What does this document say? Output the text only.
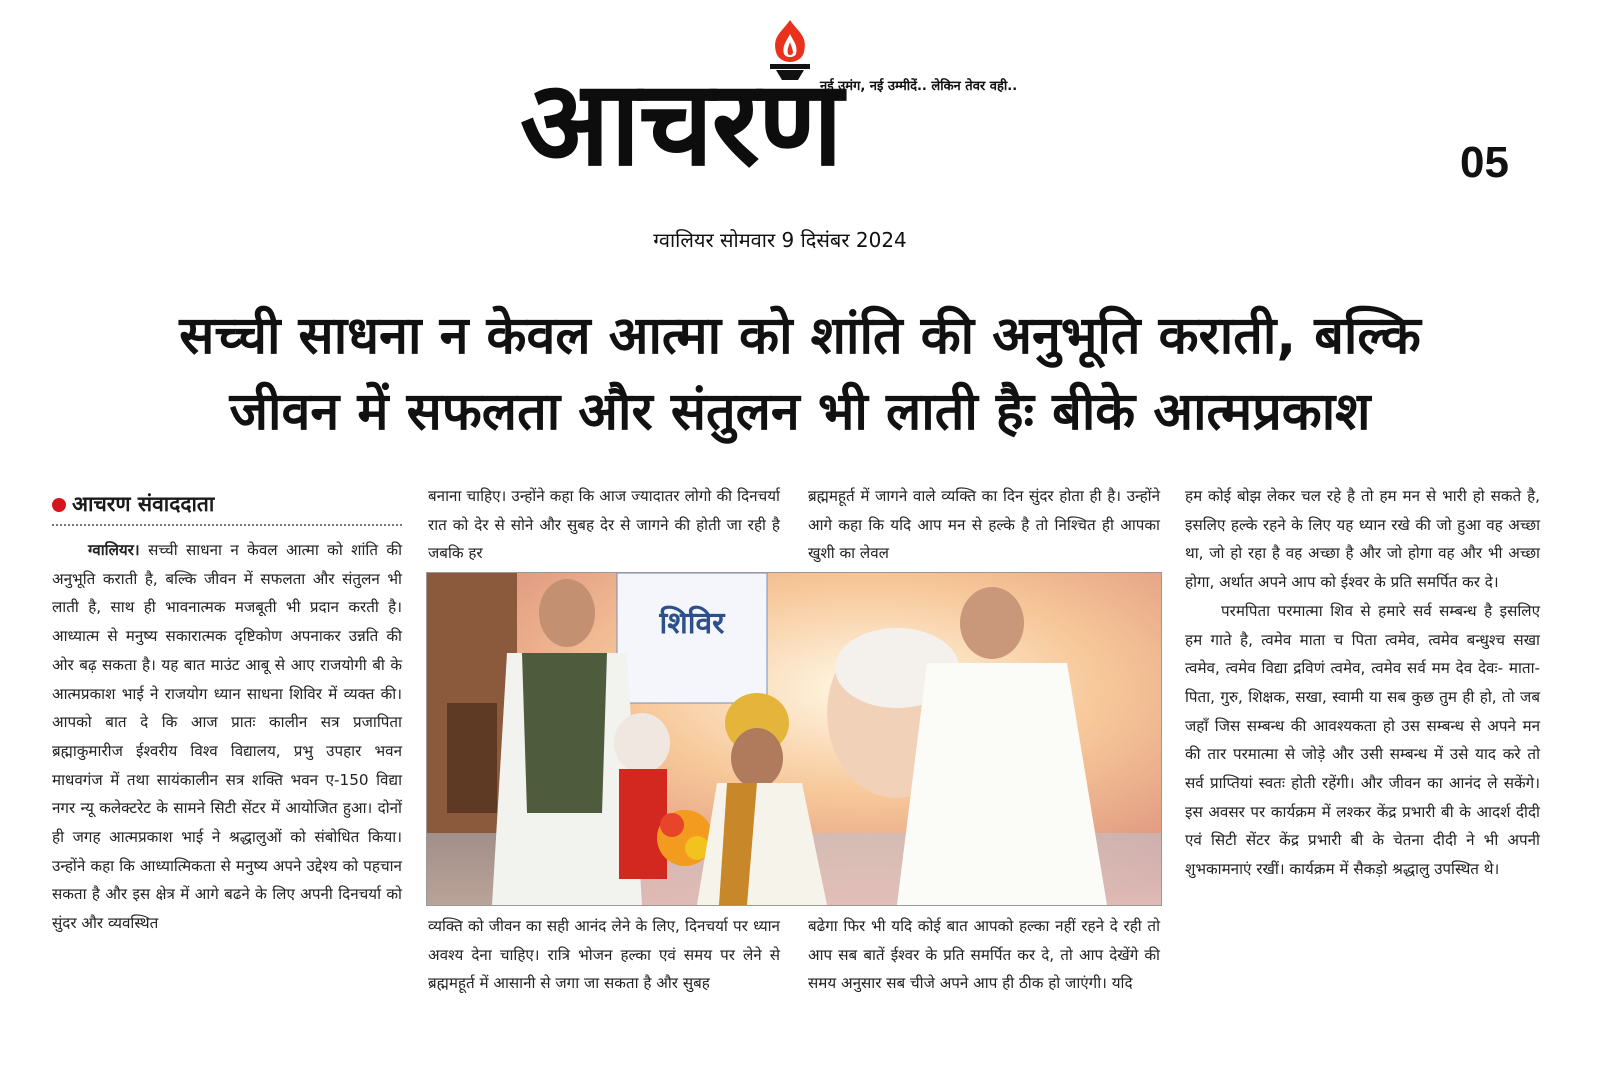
आचरण
नई उमंग, नई उम्मीदें.. लेकिन तेवर वही..
05
ग्वालियर सोमवार 9 दिसंबर 2024
सच्ची साधना न केवल आत्मा को शांति की अनुभूति कराती, बल्कि
जीवन में सफलता और संतुलन भी लाती हैः बीके आत्मप्रकाश
आचरण संवाददाता

ग्वालियर। सच्ची साधना न केवल आत्मा को शांति की अनुभूति कराती है, बल्कि जीवन में सफलता और संतुलन भी लाती है, साथ ही भावनात्मक मजबूती भी प्रदान करती है। आध्यात्म से मनुष्य सकारात्मक दृष्टिकोण अपनाकर उन्नति की ओर बढ़ सकता है। यह बात माउंट आबू से आए राजयोगी बी के आत्मप्रकाश भाई ने राजयोग ध्यान साधना शिविर में व्यक्त की। आपको बात दे कि आज प्रातः कालीन सत्र प्रजापिता ब्रह्माकुमारीज ईश्वरीय विश्व विद्यालय, प्रभु उपहार भवन माधवगंज में तथा सायंकालीन सत्र शक्ति भवन ए-150 विद्या नगर न्यू कलेक्टरेट के सामने सिटी सेंटर में आयोजित हुआ। दोनों ही जगह आत्मप्रकाश भाई ने श्रद्धालुओं को संबोधित किया। उन्होंने कहा कि आध्यात्मिकता से मनुष्य अपने उद्देश्य को पहचान सकता है और इस क्षेत्र में आगे बढने के लिए अपनी दिनचर्या को सुंदर और व्यवस्थित

बनाना चाहिए। उन्होंने कहा कि आज ज्यादातर लोगो की दिनचर्या रात को देर से सोने और सुबह देर से जागने की होती जा रही है जबकि हर

ब्रह्ममहूर्त में जागने वाले व्यक्ति का दिन सुंदर होता ही है। उन्होंने आगे कहा कि यदि आप मन से हल्के है तो निश्चित ही आपका खुशी का लेवल

शिविर

व्यक्ति को जीवन का सही आनंद लेने के लिए, दिनचर्या पर ध्यान अवश्य देना चाहिए। रात्रि भोजन हल्का एवं समय पर लेने से ब्रह्ममहूर्त में आसानी से जगा जा सकता है और सुबह

बढेगा फिर भी यदि कोई बात आपको हल्का नहीं रहने दे रही तो आप सब बातें ईश्वर के प्रति समर्पित कर दे, तो आप देखेंगे की समय अनुसार सब चीजे अपने आप ही ठीक हो जाएंगी। यदि

हम कोई बोझ लेकर चल रहे है तो हम मन से भारी हो सकते है, इसलिए हल्के रहने के लिए यह ध्यान रखे की जो हुआ वह अच्छा था, जो हो रहा है वह अच्छा है और जो होगा वह और भी अच्छा होगा, अर्थात अपने आप को ईश्वर के प्रति समर्पित कर दे।

परमपिता परमात्मा शिव से हमारे सर्व सम्बन्ध है इसलिए हम गाते है, त्वमेव माता च पिता त्वमेव, त्वमेव बन्धुश्च सखा त्वमेव, त्वमेव विद्या द्रविणं त्वमेव, त्वमेव सर्व मम देव देवः- माता-पिता, गुरु, शिक्षक, सखा, स्वामी या सब कुछ तुम ही हो, तो जब जहाँ जिस सम्बन्ध की आवश्यकता हो उस सम्बन्ध से अपने मन की तार परमात्मा से जोड़े और उसी सम्बन्ध में उसे याद करे तो सर्व प्राप्तियां स्वतः होती रहेंगी। और जीवन का आनंद ले सकेंगे।इस अवसर पर कार्यक्रम में लश्कर केंद्र प्रभारी बी के आदर्श दीदी एवं सिटी सेंटर केंद्र प्रभारी बी के चेतना दीदी ने भी अपनी शुभकामनाएं रखीं। कार्यक्रम में सैकड़ो श्रद्धालु उपस्थित थे।
